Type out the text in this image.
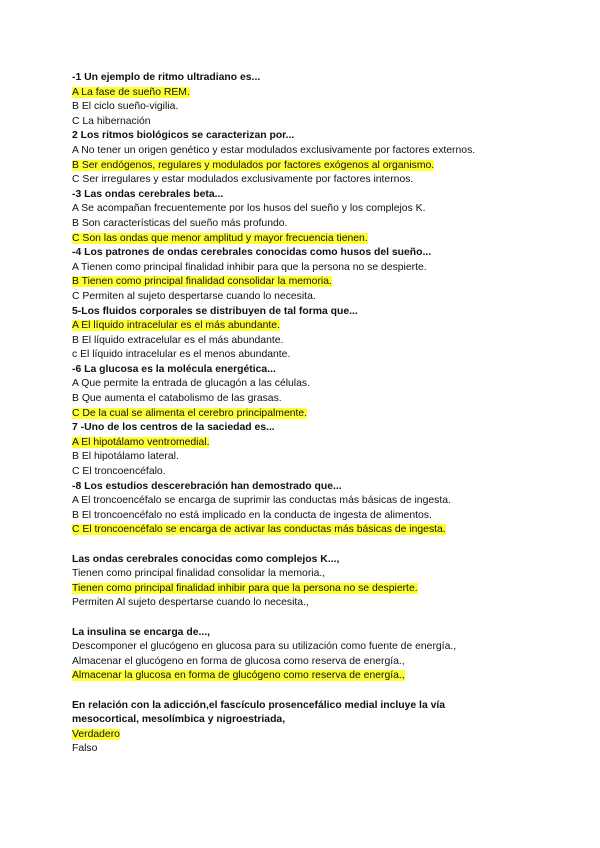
-1 Un ejemplo de ritmo ultradiano es...
A La fase de sueño REM.
B El ciclo sueño-vigilia.
C La hibernación
2 Los ritmos biológicos se caracterizan por...
A No tener un origen genético y estar modulados exclusivamente por factores externos.
B Ser endógenos, regulares y modulados por factores exógenos al organismo.
C Ser irregulares y estar modulados exclusivamente por factores internos.
-3 Las ondas cerebrales beta...
A Se acompañan frecuentemente por los husos del sueño y los complejos K.
B Son características del sueño más profundo.
C Son las ondas que menor amplitud y mayor frecuencia tienen.
-4 Los patrones de ondas cerebrales conocidas como husos del sueño...
A Tienen como principal finalidad inhibir para que la persona no se despierte.
B Tienen como principal finalidad consolidar la memoria.
C Permiten al sujeto despertarse cuando lo necesita.
5-Los fluidos corporales se distribuyen de tal forma que...
A El líquido intracelular es el más abundante.
B El líquido extracelular es el más abundante.
c El líquido intracelular es el menos abundante.
-6 La glucosa es la molécula energética...
A Que permite la entrada de glucagón a las células.
B Que aumenta el catabolismo de las grasas.
C De la cual se alimenta el cerebro principalmente.
7 -Uno de los centros de la saciedad es...
A El hipotálamo ventromedial.
B El hipotálamo lateral.
C El troncoencéfalo.
-8 Los estudios descerebración han demostrado que...
A El troncoencéfalo se encarga de suprimir las conductas más básicas de ingesta.
B El troncoencéfalo no está implicado en la conducta de ingesta de alimentos.
C El troncoencéfalo se encarga de activar las conductas más básicas de ingesta.
Las ondas cerebrales conocidas como complejos K...,
Tienen como principal finalidad consolidar la memoria.,
Tienen como principal finalidad inhibir para que la persona no se despierte.
Permiten Al sujeto despertarse cuando lo necesita.,
La insulina se encarga de...,
Descomponer el glucógeno en glucosa para su utilización como fuente de energía.,
Almacenar el glucógeno en forma de glucosa como reserva de energía.,
Almacenar la glucosa en forma de glucógeno como reserva de energía.,
En relación con la adicción,el fascículo prosencefálico medial incluye la vía mesocortical, mesolímbica y nigroestriada,
Verdadero
Falso
